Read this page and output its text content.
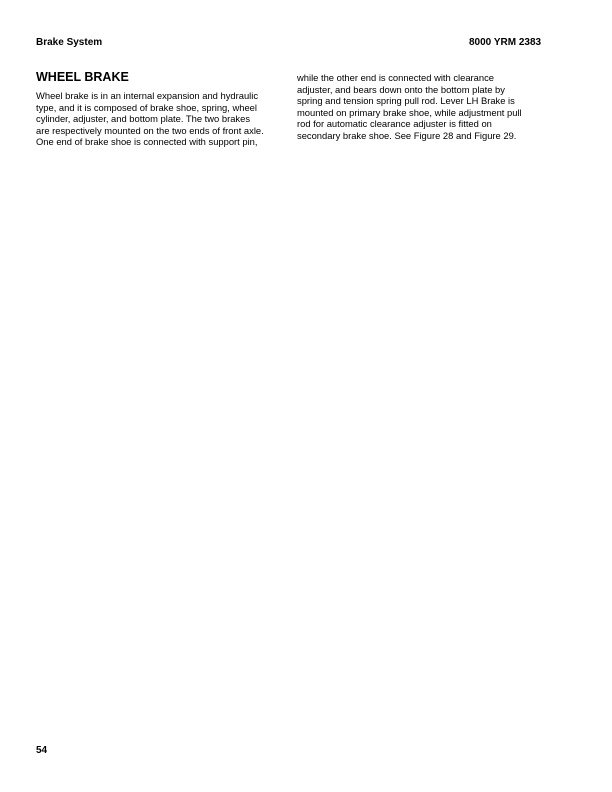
Brake System	8000 YRM 2383
WHEEL BRAKE
Wheel brake is in an internal expansion and hydraulic
type, and it is composed of brake shoe, spring, wheel
cylinder, adjuster, and bottom plate. The two brakes
are respectively mounted on the two ends of front axle.
One end of brake shoe is connected with support pin,
while the other end is connected with clearance
adjuster, and bears down onto the bottom plate by
spring and tension spring pull rod. Lever LH Brake is
mounted on primary brake shoe, while adjustment pull
rod for automatic clearance adjuster is fitted on
secondary brake shoe. See Figure 28 and Figure 29.
54
